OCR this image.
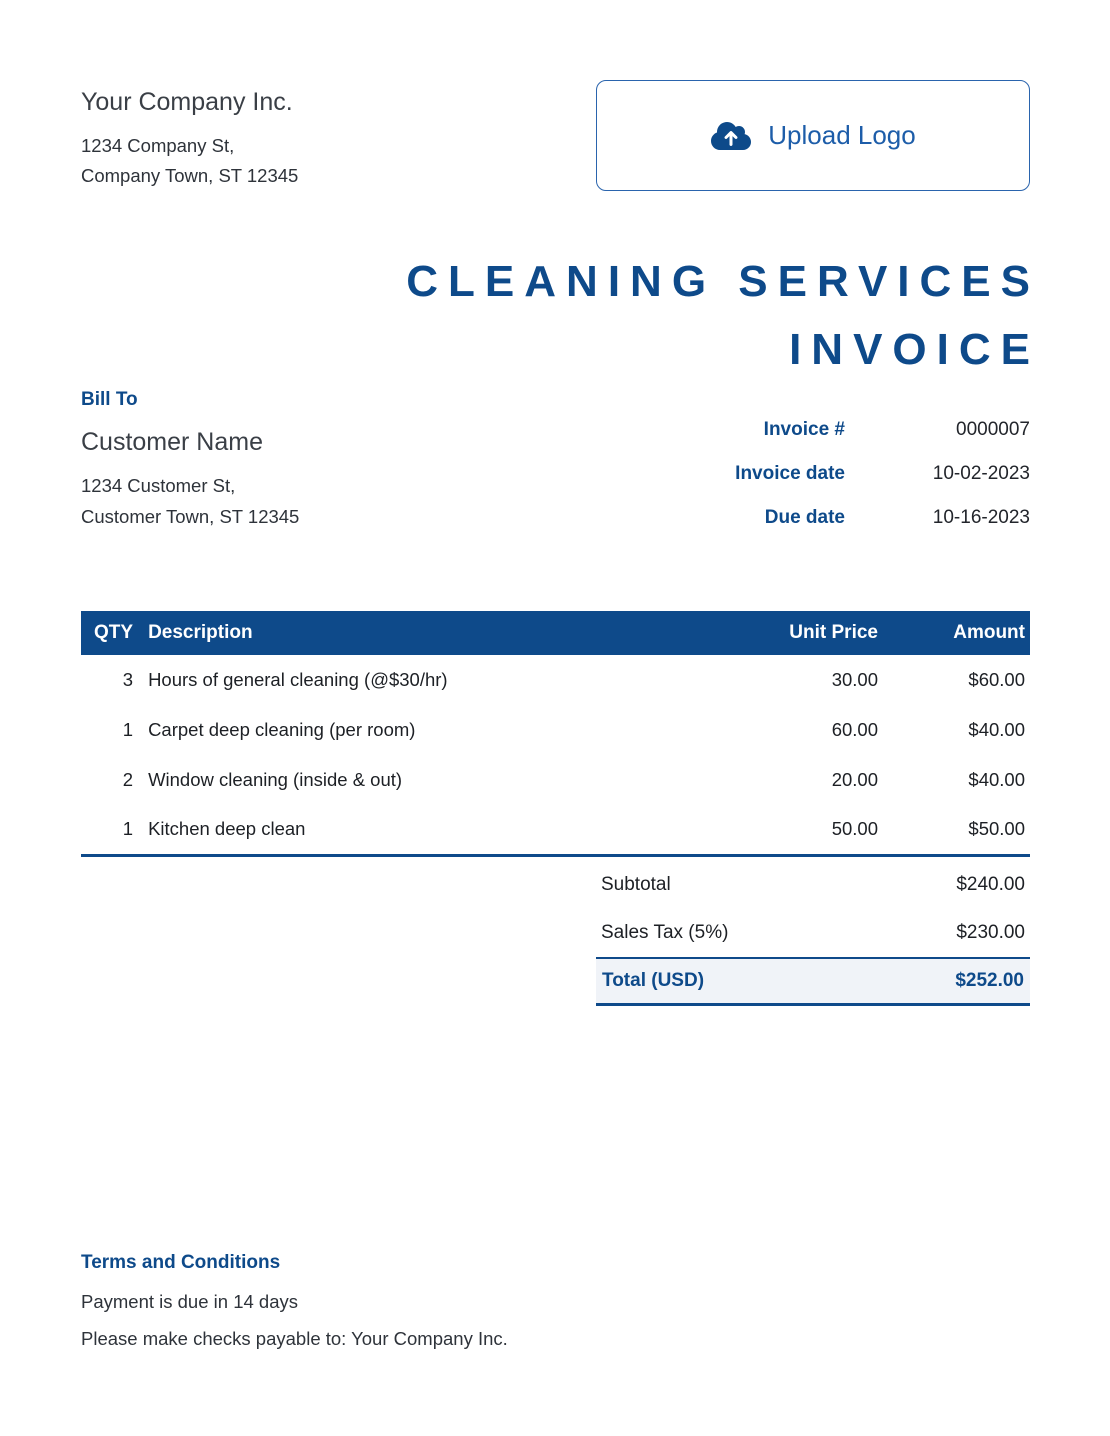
Your Company Inc.
1234 Company St,
Company Town, ST 12345
Upload Logo
CLEANING SERVICES
INVOICE
Bill To
Customer Name
1234 Customer St,
Customer Town, ST 12345
Invoice #	0000007
Invoice date	10-02-2023
Due date	10-16-2023
QTY	Description	Unit Price	Amount
3	Hours of general cleaning (@$30/hr)	30.00	$60.00
1	Carpet deep cleaning (per room)	60.00	$40.00
2	Window cleaning (inside & out)	20.00	$40.00
1	Kitchen deep clean	50.00	$50.00
Subtotal	$240.00
Sales Tax (5%)	$230.00
Total (USD)	$252.00
Terms and Conditions
Payment is due in 14 days
Please make checks payable to: Your Company Inc.
